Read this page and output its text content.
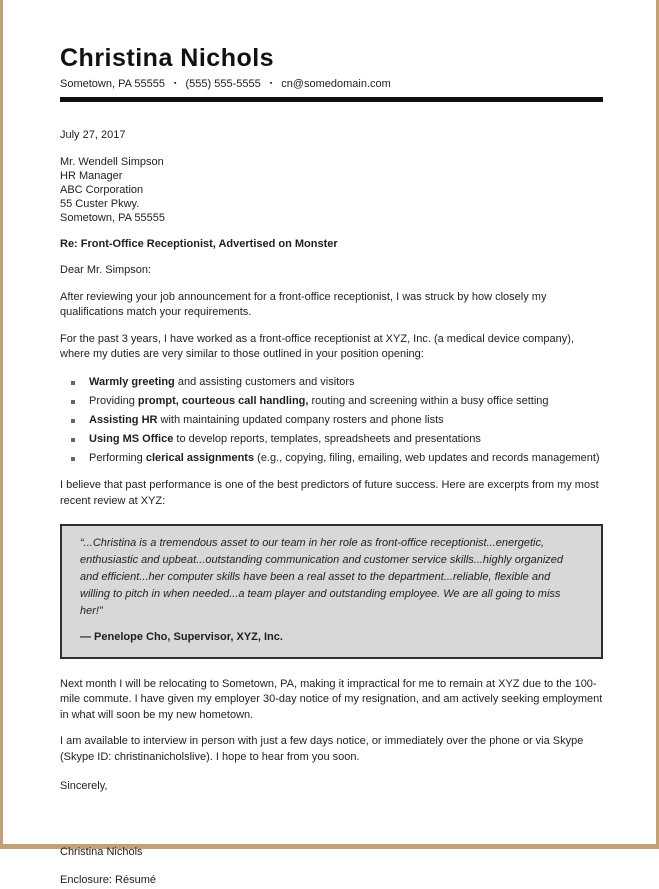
Christina Nichols
Sometown, PA 55555 ▪ (555) 555-5555 ▪ cn@somedomain.com

July 27, 2017

Mr. Wendell Simpson
HR Manager
ABC Corporation
55 Custer Pkwy.
Sometown, PA 55555

Re: Front-Office Receptionist, Advertised on Monster

Dear Mr. Simpson:

After reviewing your job announcement for a front-office receptionist, I was struck by how closely my qualifications match your requirements.

For the past 3 years, I have worked as a front-office receptionist at XYZ, Inc. (a medical device company), where my duties are very similar to those outlined in your position opening:

Warmly greeting and assisting customers and visitors
Providing prompt, courteous call handling, routing and screening within a busy office setting
Assisting HR with maintaining updated company rosters and phone lists
Using MS Office to develop reports, templates, spreadsheets and presentations
Performing clerical assignments (e.g., copying, filing, emailing, web updates and records management)

I believe that past performance is one of the best predictors of future success. Here are excerpts from my most recent review at XYZ:

“...Christina is a tremendous asset to our team in her role as front-office receptionist...energetic, enthusiastic and upbeat...outstanding communication and customer service skills...highly organized and efficient...her computer skills have been a real asset to the department...reliable, flexible and willing to pitch in when needed...a team player and outstanding employee. We are all going to miss her!”

— Penelope Cho, Supervisor, XYZ, Inc.

Next month I will be relocating to Sometown, PA, making it impractical for me to remain at XYZ due to the 100-mile commute. I have given my employer 30-day notice of my resignation, and am actively seeking employment in what will soon be my new hometown.

I am available to interview in person with just a few days notice, or immediately over the phone or via Skype (Skype ID: christinanicholslive). I hope to hear from you soon.

Sincerely,

Christina Nichols

Enclosure: Résumé
